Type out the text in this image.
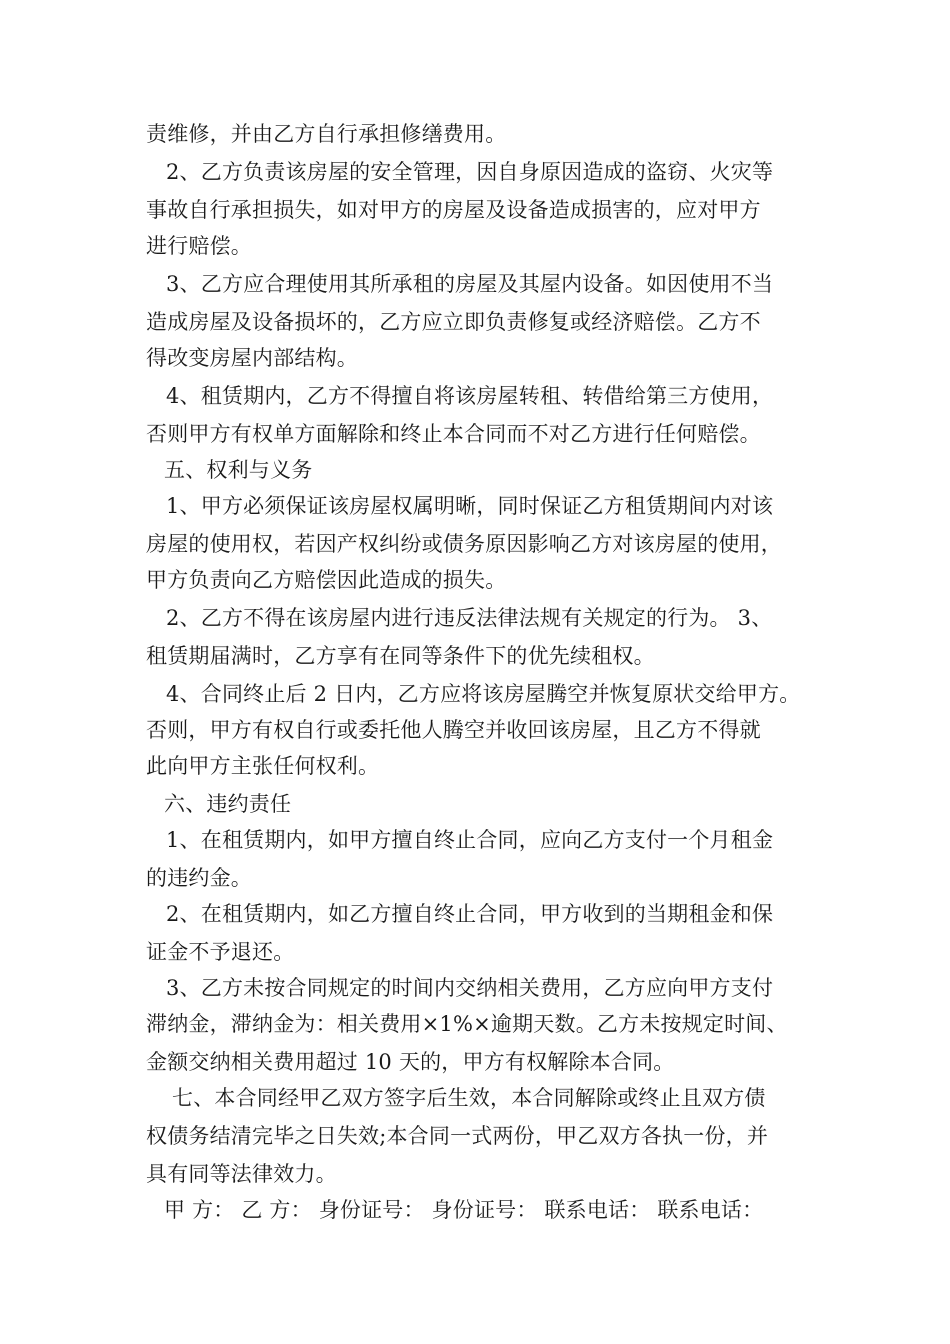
责维修，并由乙方自行承担修缮费用。
2、乙方负责该房屋的安全管理，因自身原因造成的盗窃、火灾等
事故自行承担损失，如对甲方的房屋及设备造成损害的，应对甲方
进行赔偿。
3、乙方应合理使用其所承租的房屋及其屋内设备。如因使用不当
造成房屋及设备损坏的，乙方应立即负责修复或经济赔偿。乙方不
得改变房屋内部结构。
4、租赁期内，乙方不得擅自将该房屋转租、转借给第三方使用，
否则甲方有权单方面解除和终止本合同而不对乙方进行任何赔偿。
五、权利与义务
1、甲方必须保证该房屋权属明晰，同时保证乙方租赁期间内对该
房屋的使用权，若因产权纠纷或债务原因影响乙方对该房屋的使用，
甲方负责向乙方赔偿因此造成的损失。
2、乙方不得在该房屋内进行违反法律法规有关规定的行为。 3、
租赁期届满时，乙方享有在同等条件下的优先续租权。
4、合同终止后 2 日内，乙方应将该房屋腾空并恢复原状交给甲方。
否则，甲方有权自行或委托他人腾空并收回该房屋，且乙方不得就
此向甲方主张任何权利。
六、违约责任
1、在租赁期内，如甲方擅自终止合同，应向乙方支付一个月租金
的违约金。
2、在租赁期内，如乙方擅自终止合同，甲方收到的当期租金和保
证金不予退还。
3、乙方未按合同规定的时间内交纳相关费用，乙方应向甲方支付
滞纳金，滞纳金为：相关费用×1%×逾期天数。乙方未按规定时间、
金额交纳相关费用超过 10 天的，甲方有权解除本合同。
七、本合同经甲乙双方签字后生效，本合同解除或终止且双方债
权债务结清完毕之日失效;本合同一式两份，甲乙双方各执一份，并
具有同等法律效力。
甲 方： 乙 方： 身份证号： 身份证号： 联系电话： 联系电话：
